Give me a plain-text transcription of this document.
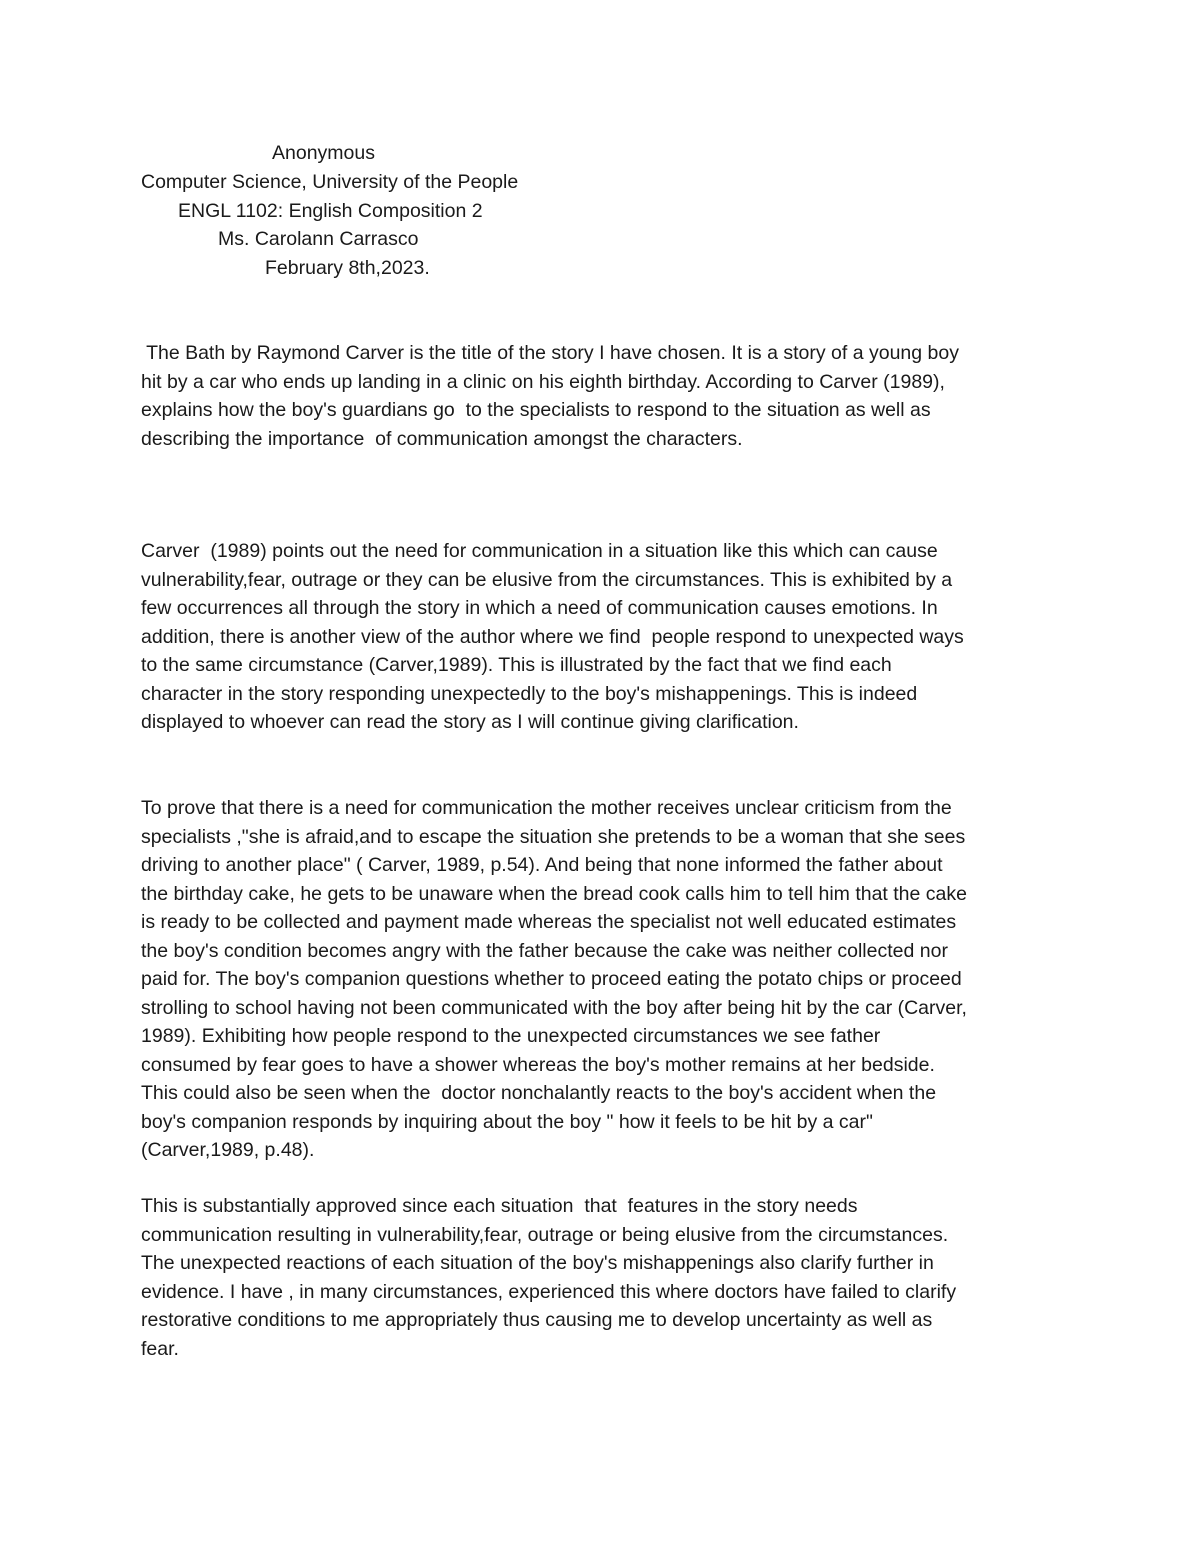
Anonymous

Computer Science, University of the People

ENGL 1102: English Composition 2

Ms. Carolann Carrasco

February 8th,2023.

The Bath by Raymond Carver is the title of the story I have chosen. It is a story of a young boy
hit by a car who ends up landing in a clinic on his eighth birthday. According to Carver (1989),
explains how the boy's guardians go  to the specialists to respond to the situation as well as
describing the importance  of communication amongst the characters.
Carver  (1989) points out the need for communication in a situation like this which can cause
vulnerability,fear, outrage or they can be elusive from the circumstances. This is exhibited by a
few occurrences all through the story in which a need of communication causes emotions. In
addition, there is another view of the author where we find  people respond to unexpected ways
to the same circumstance (Carver,1989). This is illustrated by the fact that we find each
character in the story responding unexpectedly to the boy's mishappenings. This is indeed
displayed to whoever can read the story as I will continue giving clarification.
To prove that there is a need for communication the mother receives unclear criticism from the
specialists ,"she is afraid,and to escape the situation she pretends to be a woman that she sees
driving to another place" ( Carver, 1989, p.54). And being that none informed the father about
the birthday cake, he gets to be unaware when the bread cook calls him to tell him that the cake
is ready to be collected and payment made whereas the specialist not well educated estimates
the boy's condition becomes angry with the father because the cake was neither collected nor
paid for. The boy's companion questions whether to proceed eating the potato chips or proceed
strolling to school having not been communicated with the boy after being hit by the car (Carver,
1989). Exhibiting how people respond to the unexpected circumstances we see father
consumed by fear goes to have a shower whereas the boy's mother remains at her bedside.
This could also be seen when the  doctor nonchalantly reacts to the boy's accident when the
boy's companion responds by inquiring about the boy " how it feels to be hit by a car"
(Carver,1989, p.48).
This is substantially approved since each situation  that  features in the story needs
communication resulting in vulnerability,fear, outrage or being elusive from the circumstances.
The unexpected reactions of each situation of the boy's mishappenings also clarify further in
evidence. I have , in many circumstances, experienced this where doctors have failed to clarify
restorative conditions to me appropriately thus causing me to develop uncertainty as well as
fear.
